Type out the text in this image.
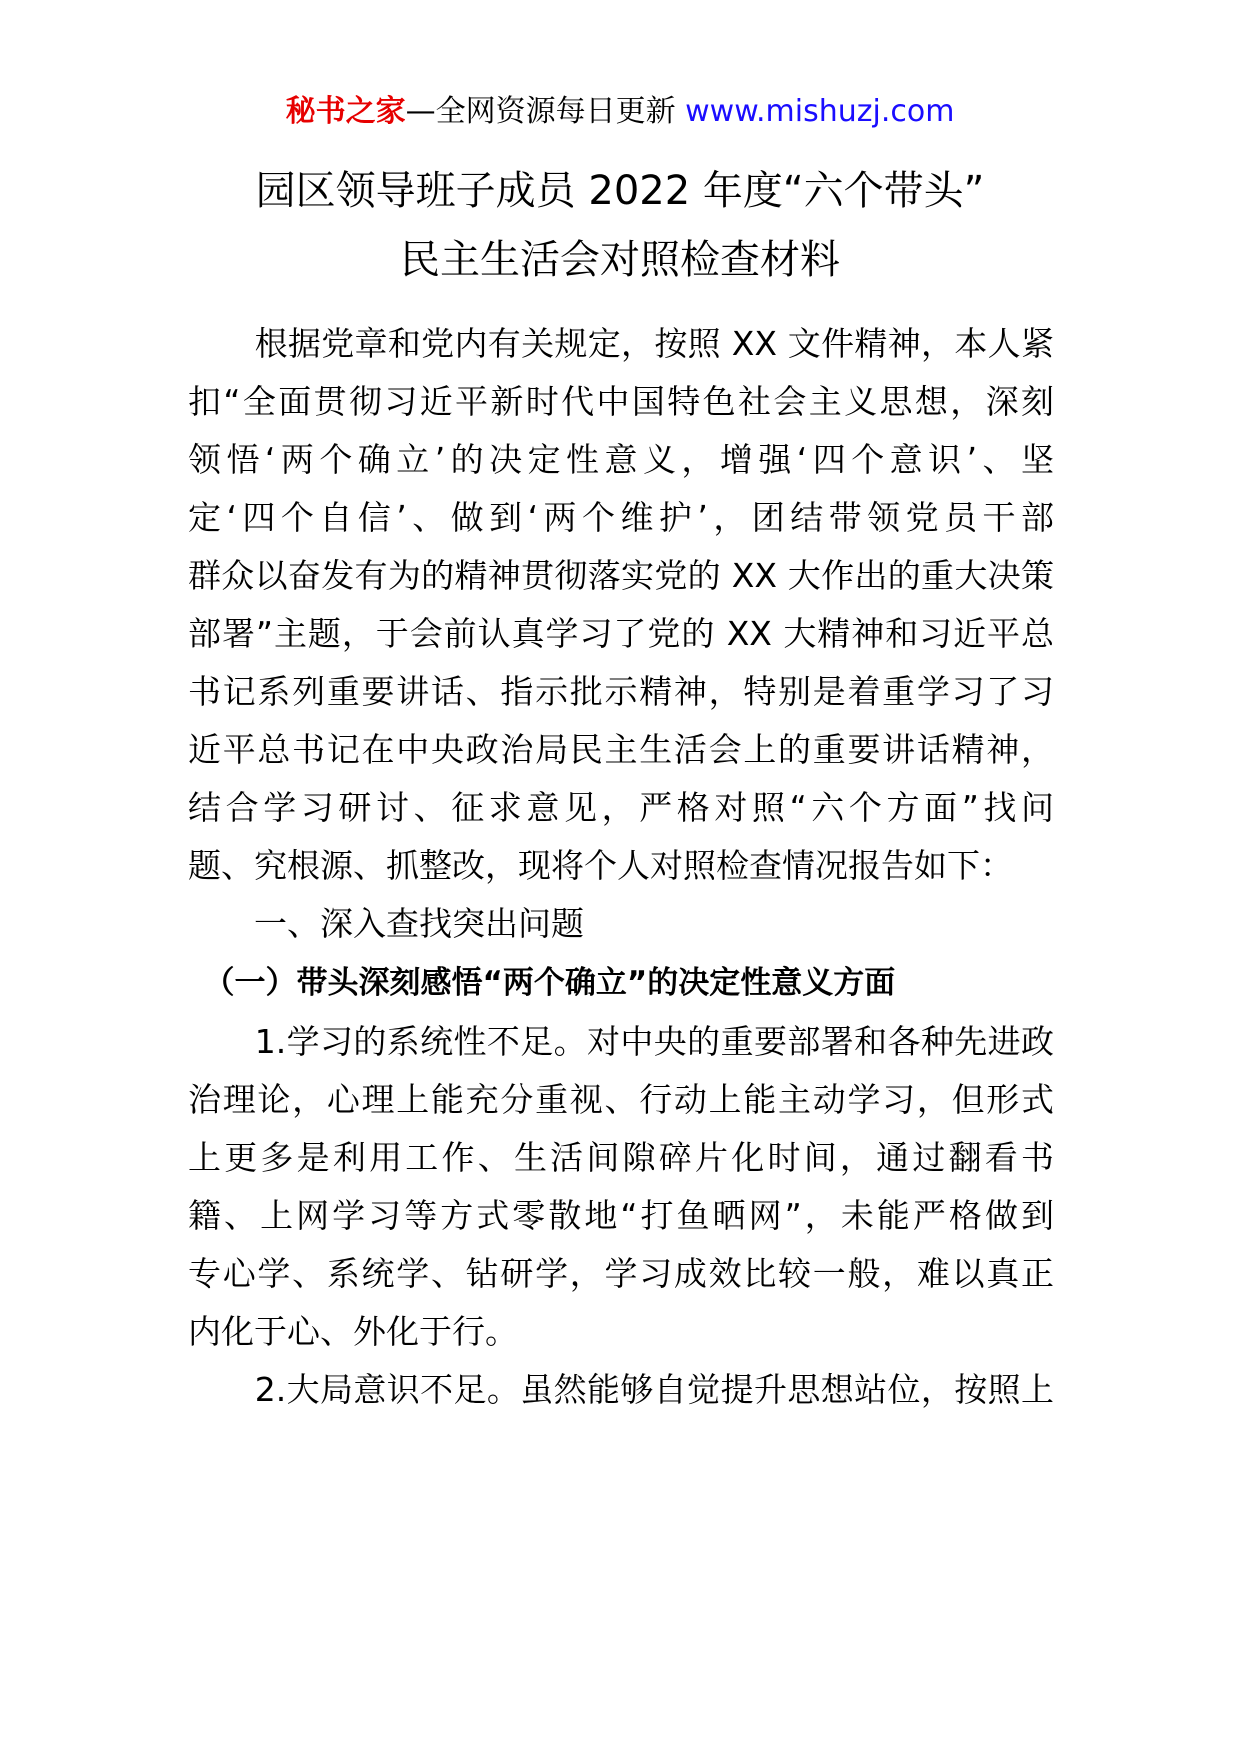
秘书之家—全网资源每日更新 www.mishuzj.com
园区领导班子成员 2022 年度“六个带头”
民主生活会对照检查材料
　　根据党章和党内有关规定，按照 XX 文件精神，本人紧
扣“全面贯彻习近平新时代中国特色社会主义思想，深刻
领悟‘两个确立’的决定性意义，增强‘四个意识’、坚
定‘四个自信’、做到‘两个维护’，团结带领党员干部
群众以奋发有为的精神贯彻落实党的 XX 大作出的重大决策
部署”主题，于会前认真学习了党的 XX 大精神和习近平总
书记系列重要讲话、指示批示精神，特别是着重学习了习
近平总书记在中央政治局民主生活会上的重要讲话精神，
结合学习研讨、征求意见，严格对照“六个方面”找问
题、究根源、抓整改，现将个人对照检查情况报告如下：
　　一、深入查找突出问题
　（一）带头深刻感悟“两个确立”的决定性意义方面
　　1.学习的系统性不足。对中央的重要部署和各种先进政
治理论，心理上能充分重视、行动上能主动学习，但形式
上更多是利用工作、生活间隙碎片化时间，通过翻看书
籍、上网学习等方式零散地“打鱼晒网”，未能严格做到
专心学、系统学、钻研学，学习成效比较一般，难以真正
内化于心、外化于行。
　　2.大局意识不足。虽然能够自觉提升思想站位，按照上
